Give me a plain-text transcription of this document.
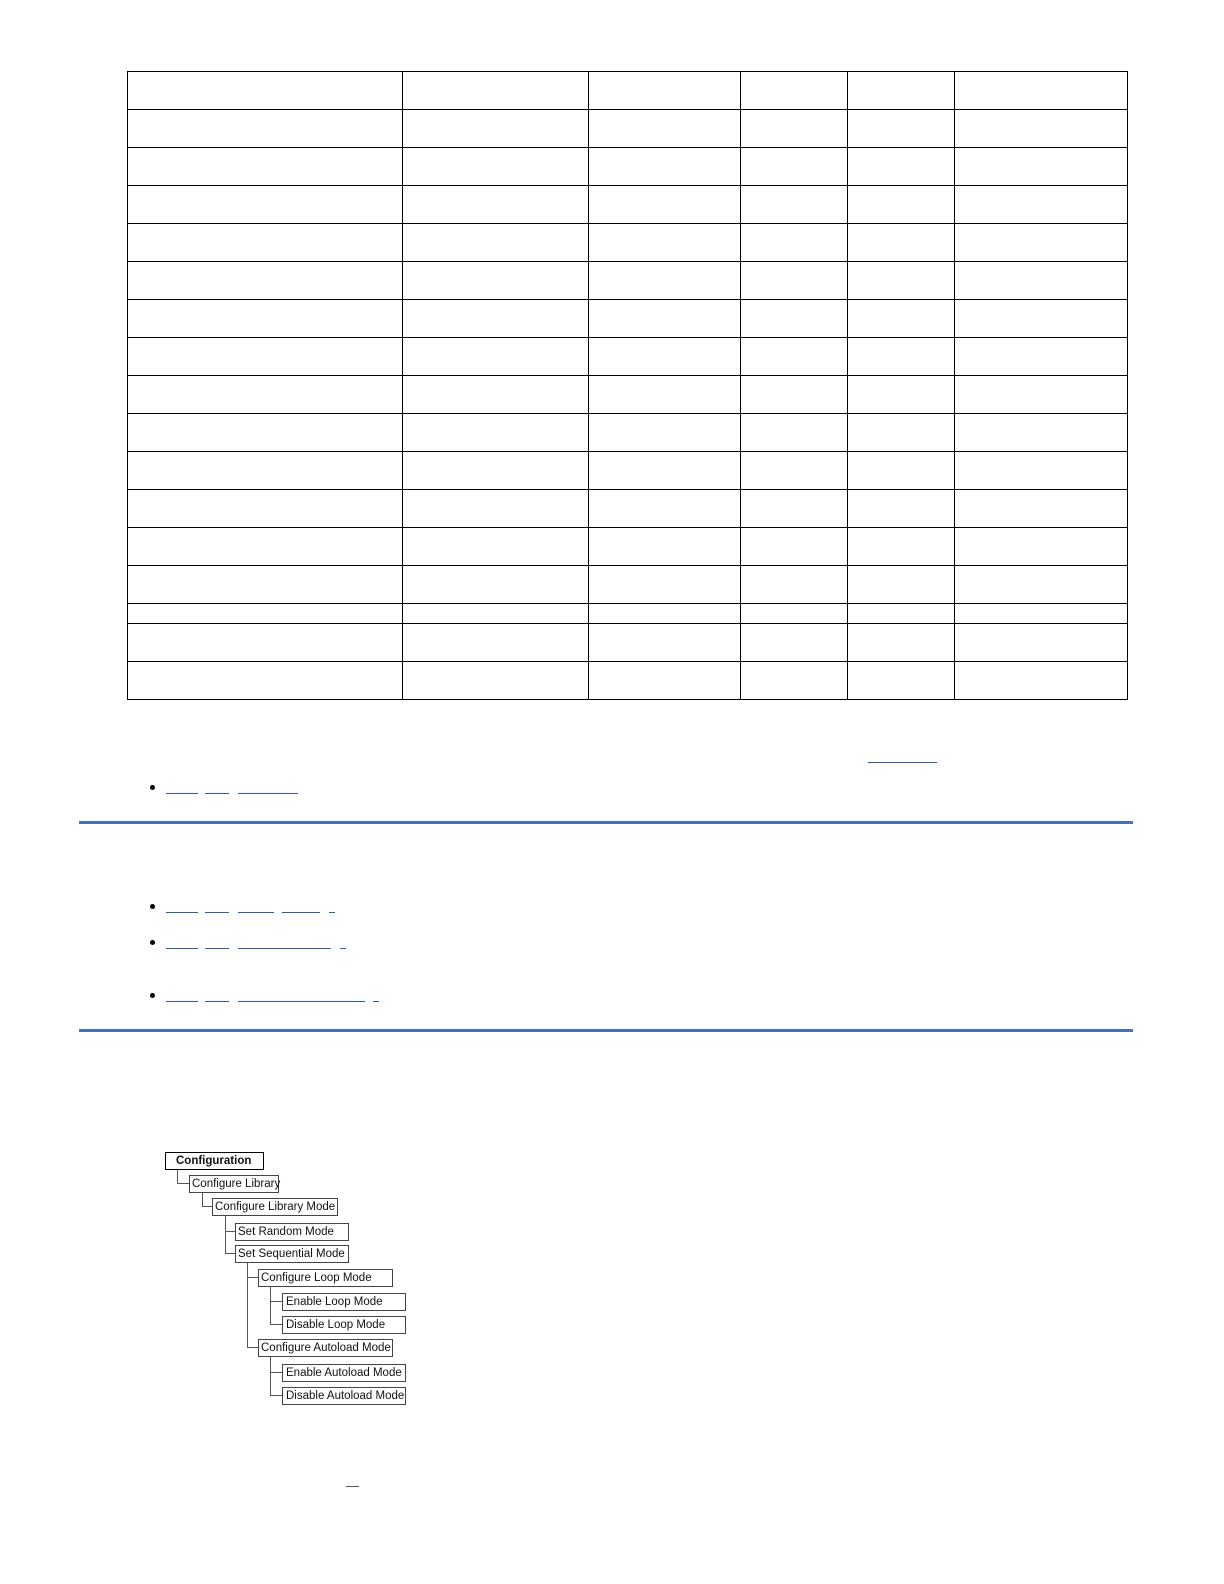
Configuration
Configure Library
Configure Library Mode
Set Random Mode
Set Sequential Mode
Configure Loop Mode
Enable Loop Mode
Disable Loop Mode
Configure Autoload Mode
Enable Autoload Mode
Disable Autoload Mode
